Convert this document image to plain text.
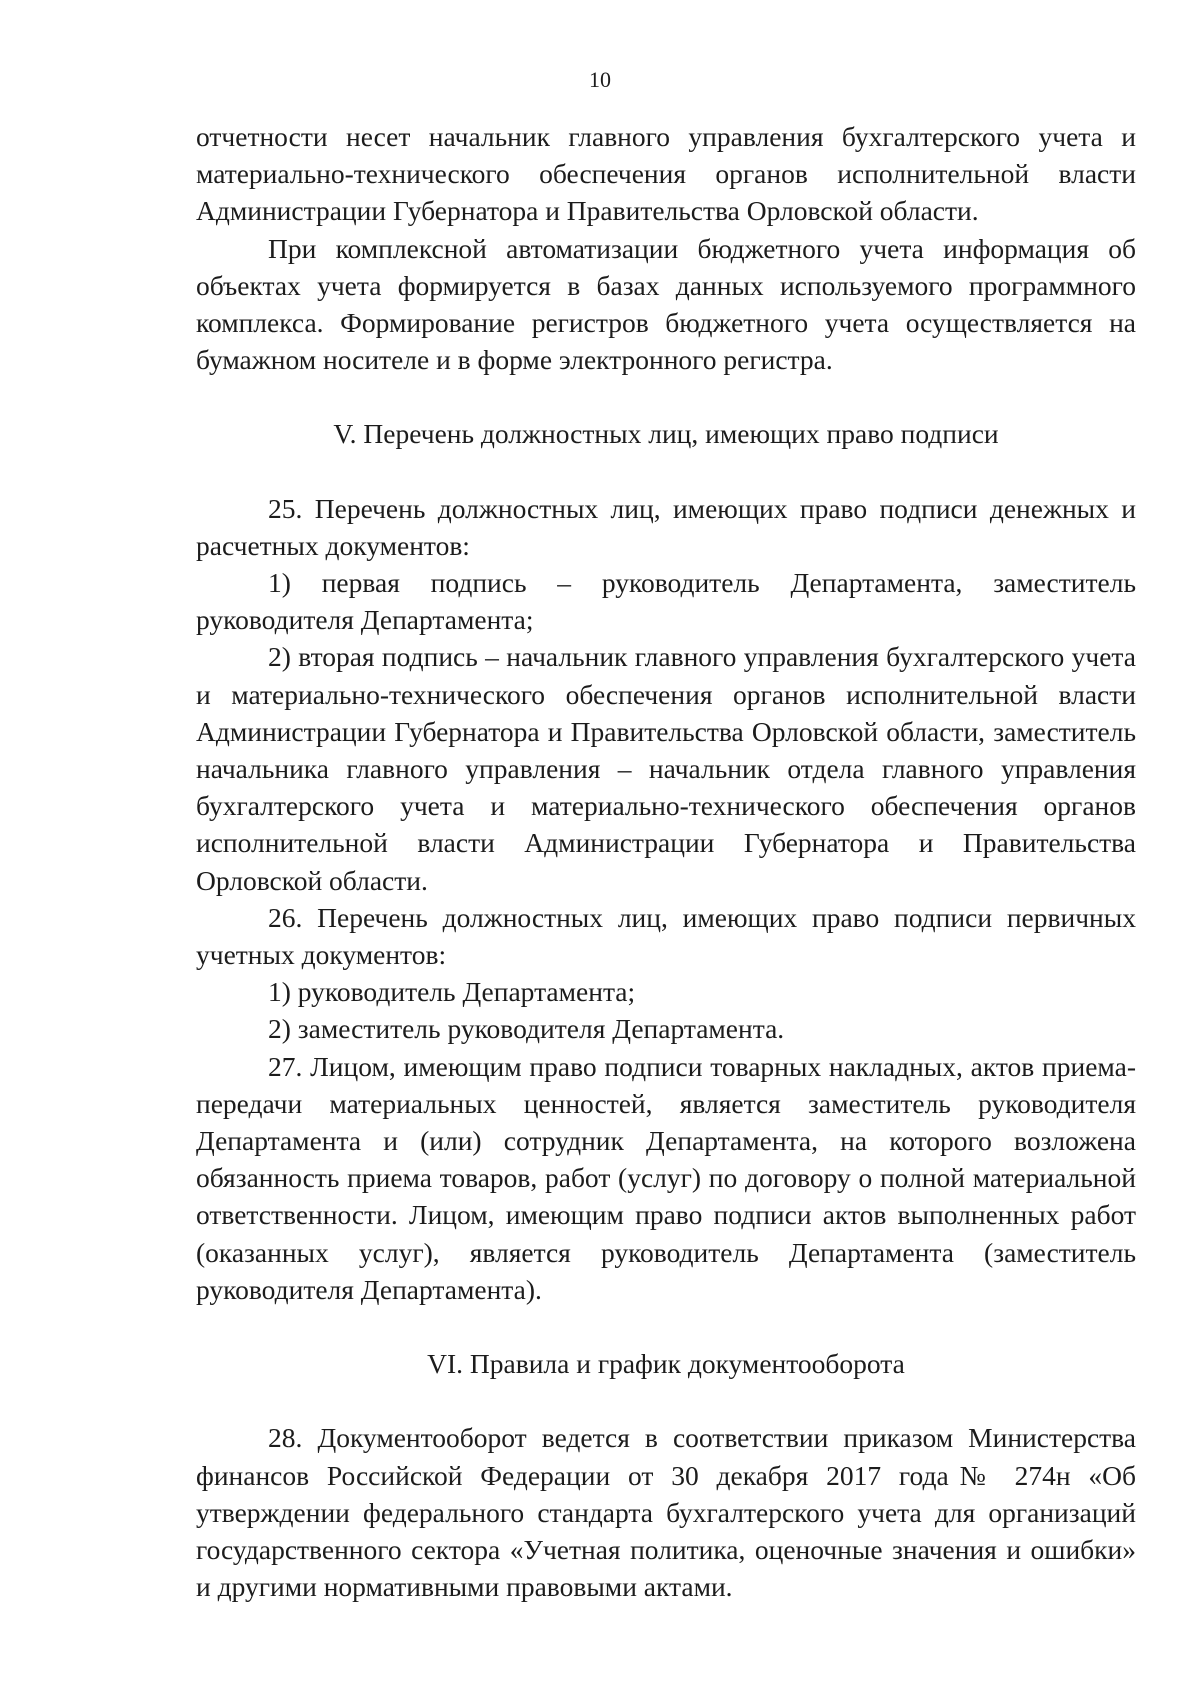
10

отчетности несет начальник главного управления бухгалтерского учета и материально-технического обеспечения органов исполнительной власти Администрации Губернатора и Правительства Орловской области.

При комплексной автоматизации бюджетного учета информация об объектах учета формируется в базах данных используемого программного комплекса. Формирование регистров бюджетного учета осуществляется на бумажном носителе и в форме электронного регистра.

V. Перечень должностных лиц, имеющих право подписи

25. Перечень должностных лиц, имеющих право подписи денежных и расчетных документов:

1) первая подпись – руководитель Департамента, заместитель руководителя Департамента;

2) вторая подпись – начальник главного управления бухгалтерского учета и материально-технического обеспечения органов исполнительной власти Администрации Губернатора и Правительства Орловской области, заместитель начальника главного управления – начальник отдела главного управления бухгалтерского учета и материально-технического обеспечения органов исполнительной власти Администрации Губернатора и Правительства Орловской области.

26. Перечень должностных лиц, имеющих право подписи первичных учетных документов:

1) руководитель Департамента;

2) заместитель руководителя Департамента.

27. Лицом, имеющим право подписи товарных накладных, актов приема-передачи материальных ценностей, является заместитель руководителя Департамента и (или) сотрудник Департамента, на которого возложена обязанность приема товаров, работ (услуг) по договору о полной материальной ответственности. Лицом, имеющим право подписи актов выполненных работ (оказанных услуг), является руководитель Департамента (заместитель руководителя Департамента).

VI. Правила и график документооборота

28. Документооборот ведется в соответствии приказом Министерства финансов Российской Федерации от 30 декабря 2017 года№ 274н «Об утверждении федерального стандарта бухгалтерского учета для организаций государственного сектора «Учетная политика, оценочные значения и ошибки» и другими нормативными правовыми актами.
